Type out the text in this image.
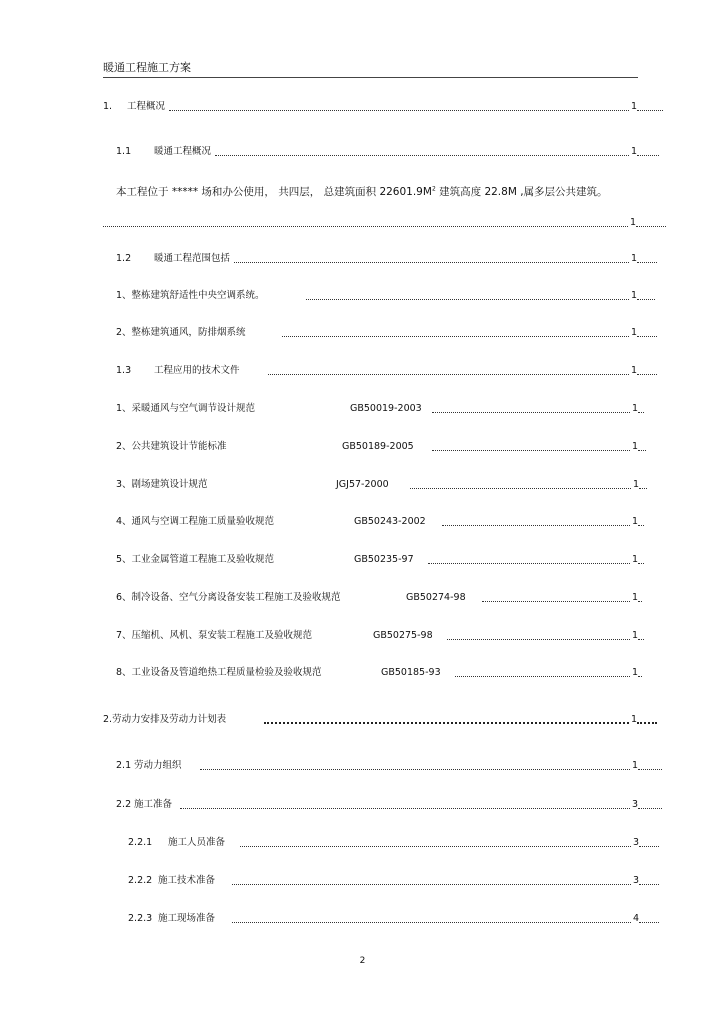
暖通工程施工方案
1.	工程概况	1
1.1	暖通工程概况	1
本工程位于 ***** 场和办公使用， 共四层， 总建筑面积 $22601.9M^2$ 建筑高度 22.8M ,属多层公共建筑。
1
1.2	暖通工程范围包括	1
1、整栋建筑舒适性中央空调系统。	1
2、整栋建筑通风，防排烟系统	1
1.3	工程应用的技术文件	1
1、采暖通风与空气调节设计规范	GB50019-2003	1
2、公共建筑设计节能标准	GB50189-2005	1
3、剧场建筑设计规范	JGJ57-2000	1
4、通风与空调工程施工质量验收规范	GB50243-2002	1
5、工业金属管道工程施工及验收规范	GB50235-97	1
6、制冷设备、空气分离设备安装工程施工及验收规范	GB50274-98	1
7、压缩机、风机、泵安装工程施工及验收规范	GB50275-98	1
8、工业设备及管道绝热工程质量检验及验收规范	GB50185-93	1
2. 劳动力安排及劳动力计划表	1
2.1 劳动力组织	1
2.2 施工准备	3
2.2.1	施工人员准备	3
2.2.2 施工技术准备	3
2.2.3 施工现场准备	4
2
